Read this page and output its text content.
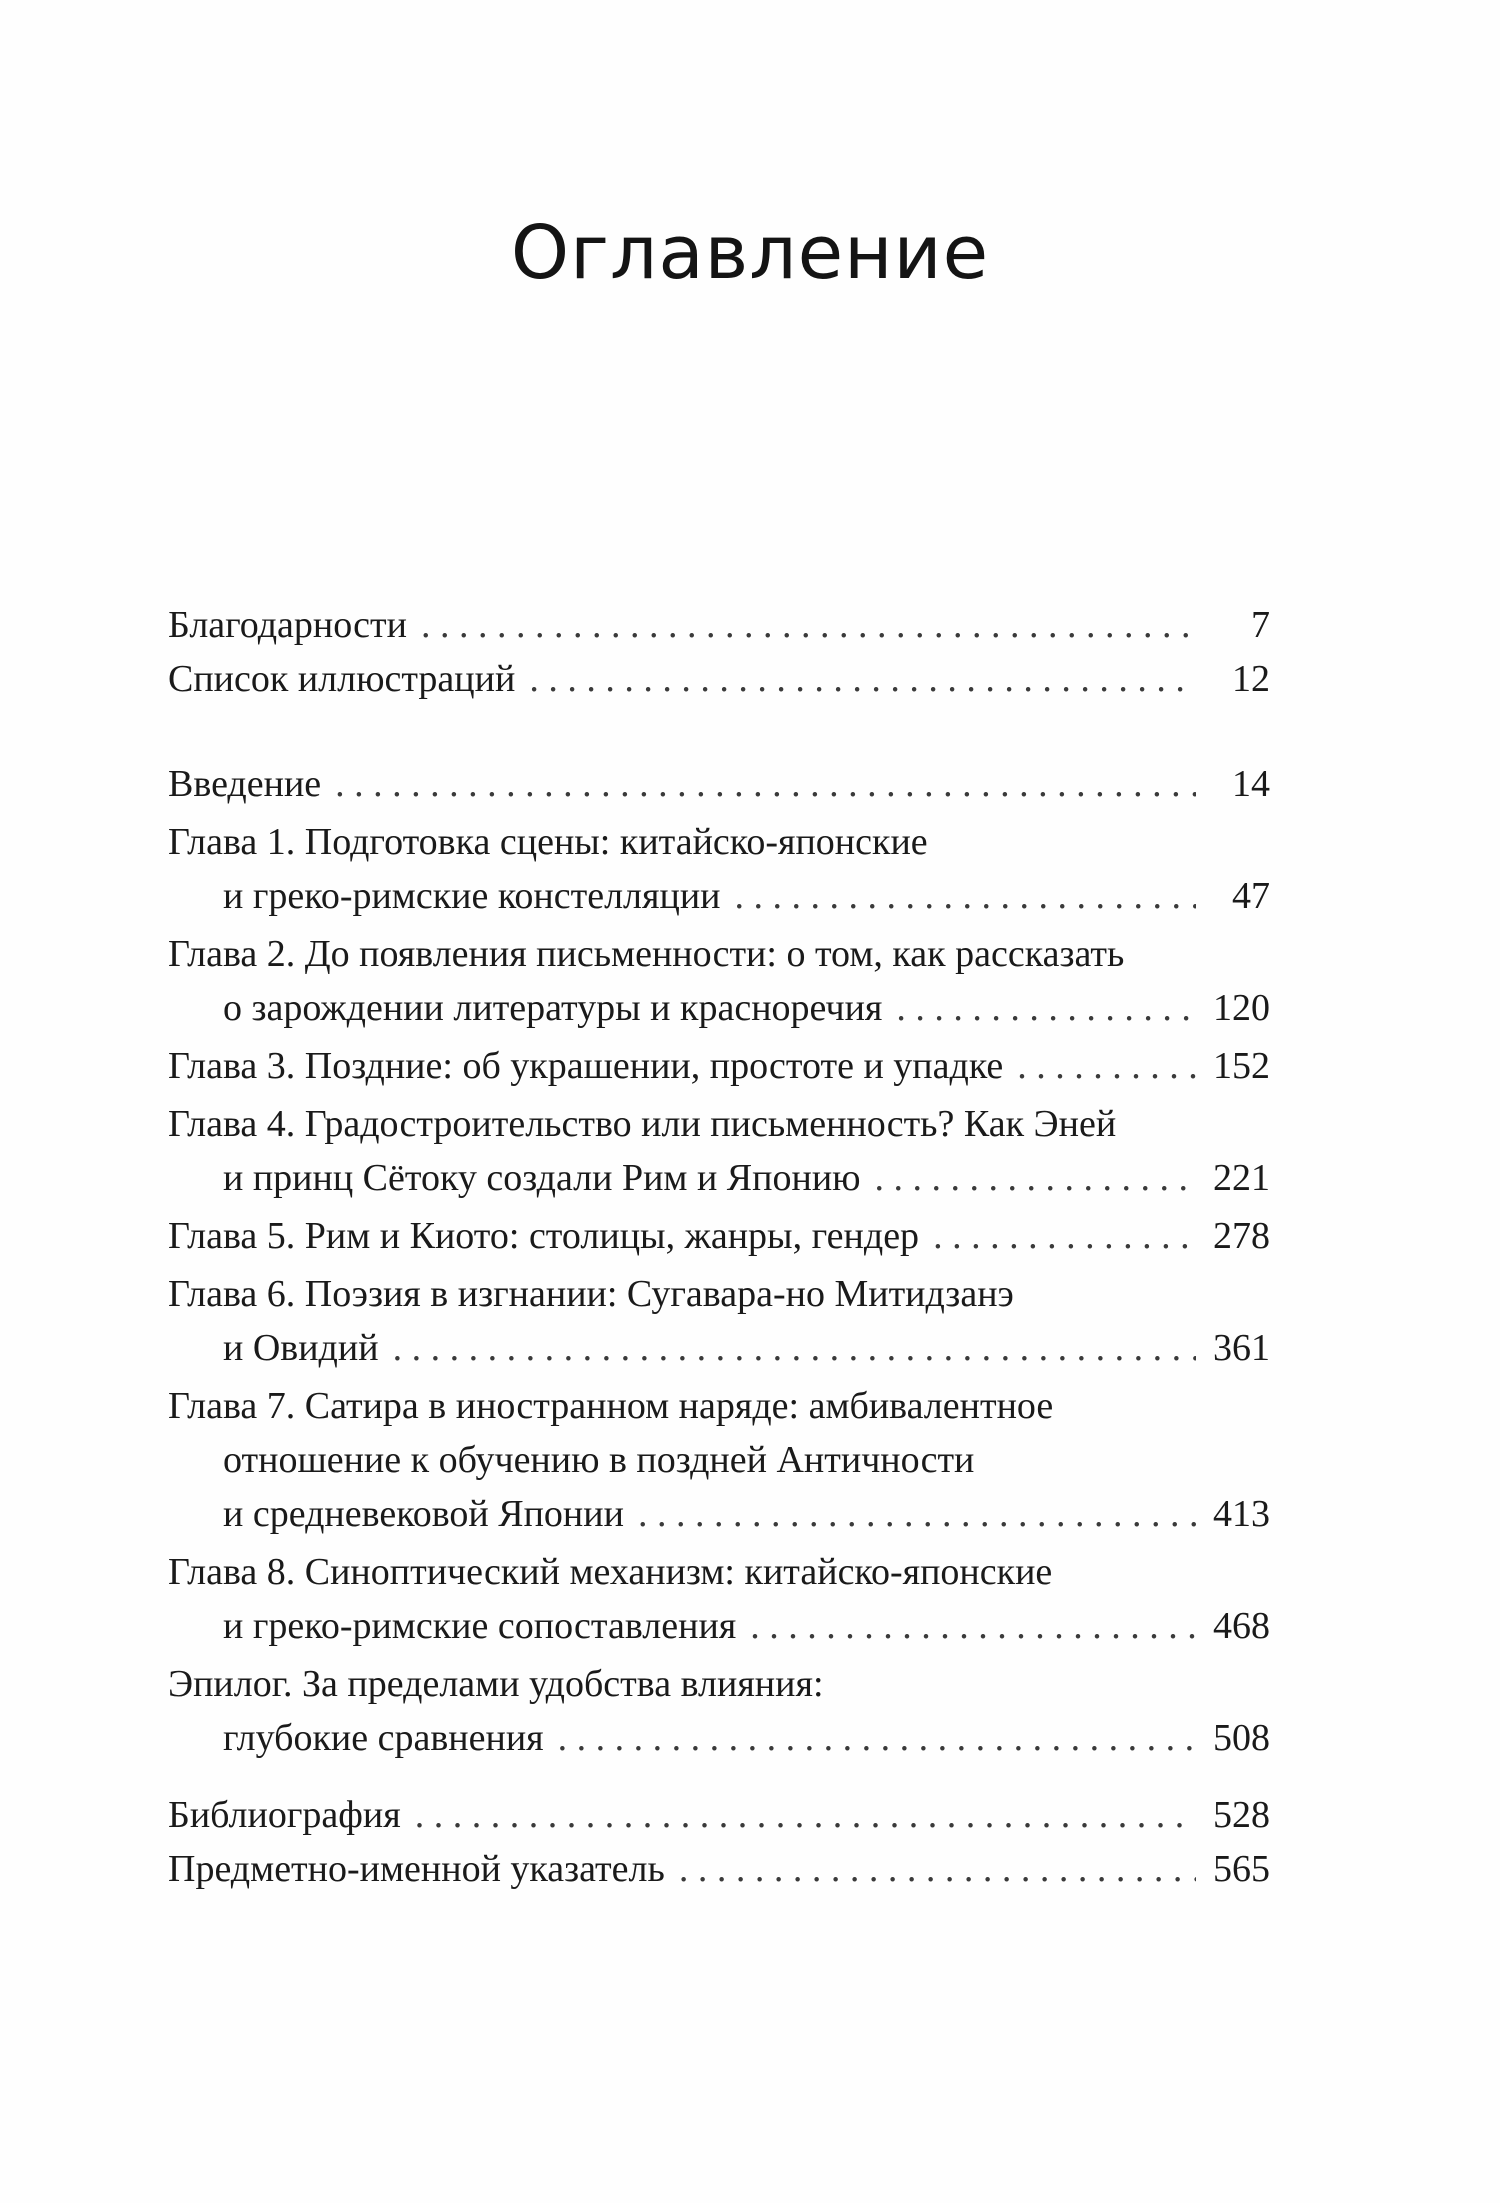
Оглавление
Благодарности . . .	7
Список иллюстраций . . .	12
Введение . . .	14
Глава 1. Подготовка сцены: китайско-японские
и греко-римские констелляции . . .	47
Глава 2. До появления письменности: о том, как рассказать
о зарождении литературы и красноречия . . .	120
Глава 3. Поздние: об украшении, простоте и упадке . . .	152
Глава 4. Градостроительство или письменность? Как Эней
и принц Сётоку создали Рим и Японию . . .	221
Глава 5. Рим и Киото: столицы, жанры, гендер . . .	278
Глава 6. Поэзия в изгнании: Сугавара-но Митидзанэ
и Овидий . . .	361
Глава 7. Сатира в иностранном наряде: амбивалентное
отношение к обучению в поздней Античности
и средневековой Японии . . .	413
Глава 8. Синоптический механизм: китайско-японские
и греко-римские сопоставления . . .	468
Эпилог. За пределами удобства влияния:
глубокие сравнения . . .	508
Библиография . . .	528
Предметно-именной указатель . . .	565
